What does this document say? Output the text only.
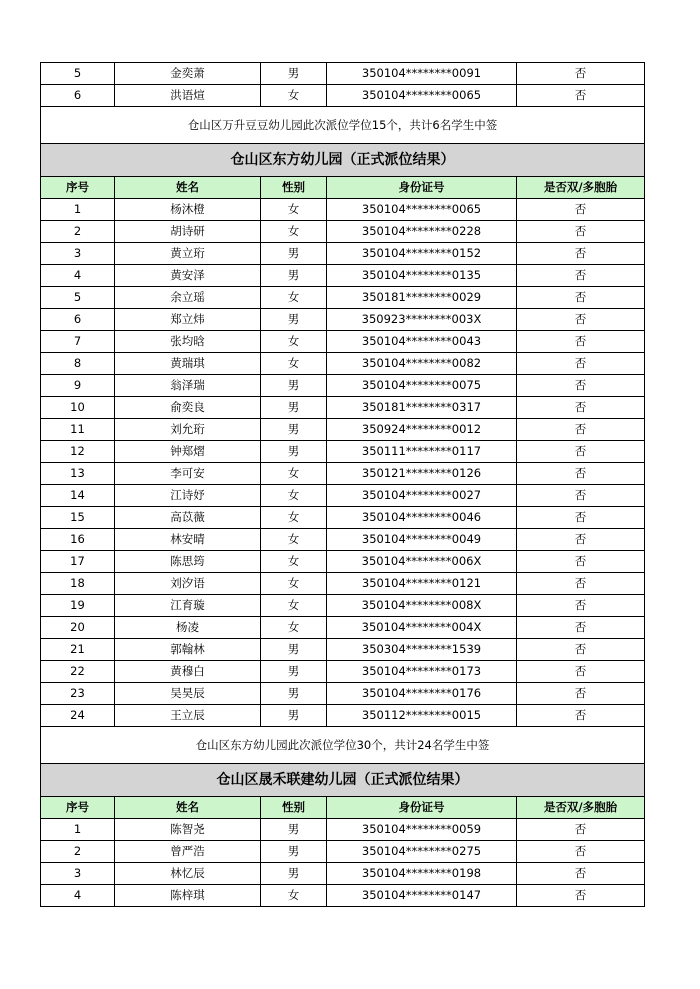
5	金奕萧	男	350104********0091	否
6	洪语煊	女	350104********0065	否
仓山区万升豆豆幼儿园此次派位学位15个，共计6名学生中签				
仓山区东方幼儿园（正式派位结果）				
序号	姓名	性别	身份证号	是否双/多胞胎
1	杨沐橙	女	350104********0065	否
2	胡诗研	女	350104********0228	否
3	黄立珩	男	350104********0152	否
4	黄安泽	男	350104********0135	否
5	余立瑶	女	350181********0029	否
6	郑立炜	男	350923********003X	否
7	张均晗	女	350104********0043	否
8	黄瑞琪	女	350104********0082	否
9	翁泽瑞	男	350104********0075	否
10	俞奕良	男	350181********0317	否
11	刘允珩	男	350924********0012	否
12	钟郑熠	男	350111********0117	否
13	李可安	女	350121********0126	否
14	江诗妤	女	350104********0027	否
15	高苡薇	女	350104********0046	否
16	林安晴	女	350104********0049	否
17	陈思筠	女	350104********006X	否
18	刘汐语	女	350104********0121	否
19	江育璇	女	350104********008X	否
20	杨凌	女	350104********004X	否
21	郭翰林	男	350304********1539	否
22	黄穆白	男	350104********0173	否
23	吴昊辰	男	350104********0176	否
24	王立辰	男	350112********0015	否
仓山区东方幼儿园此次派位学位30个，共计24名学生中签				
仓山区晟禾联建幼儿园（正式派位结果）				
序号	姓名	性别	身份证号	是否双/多胞胎
1	陈智尧	男	350104********0059	否
2	曾严浩	男	350104********0275	否
3	林忆辰	男	350104********0198	否
4	陈梓琪	女	350104********0147	否
